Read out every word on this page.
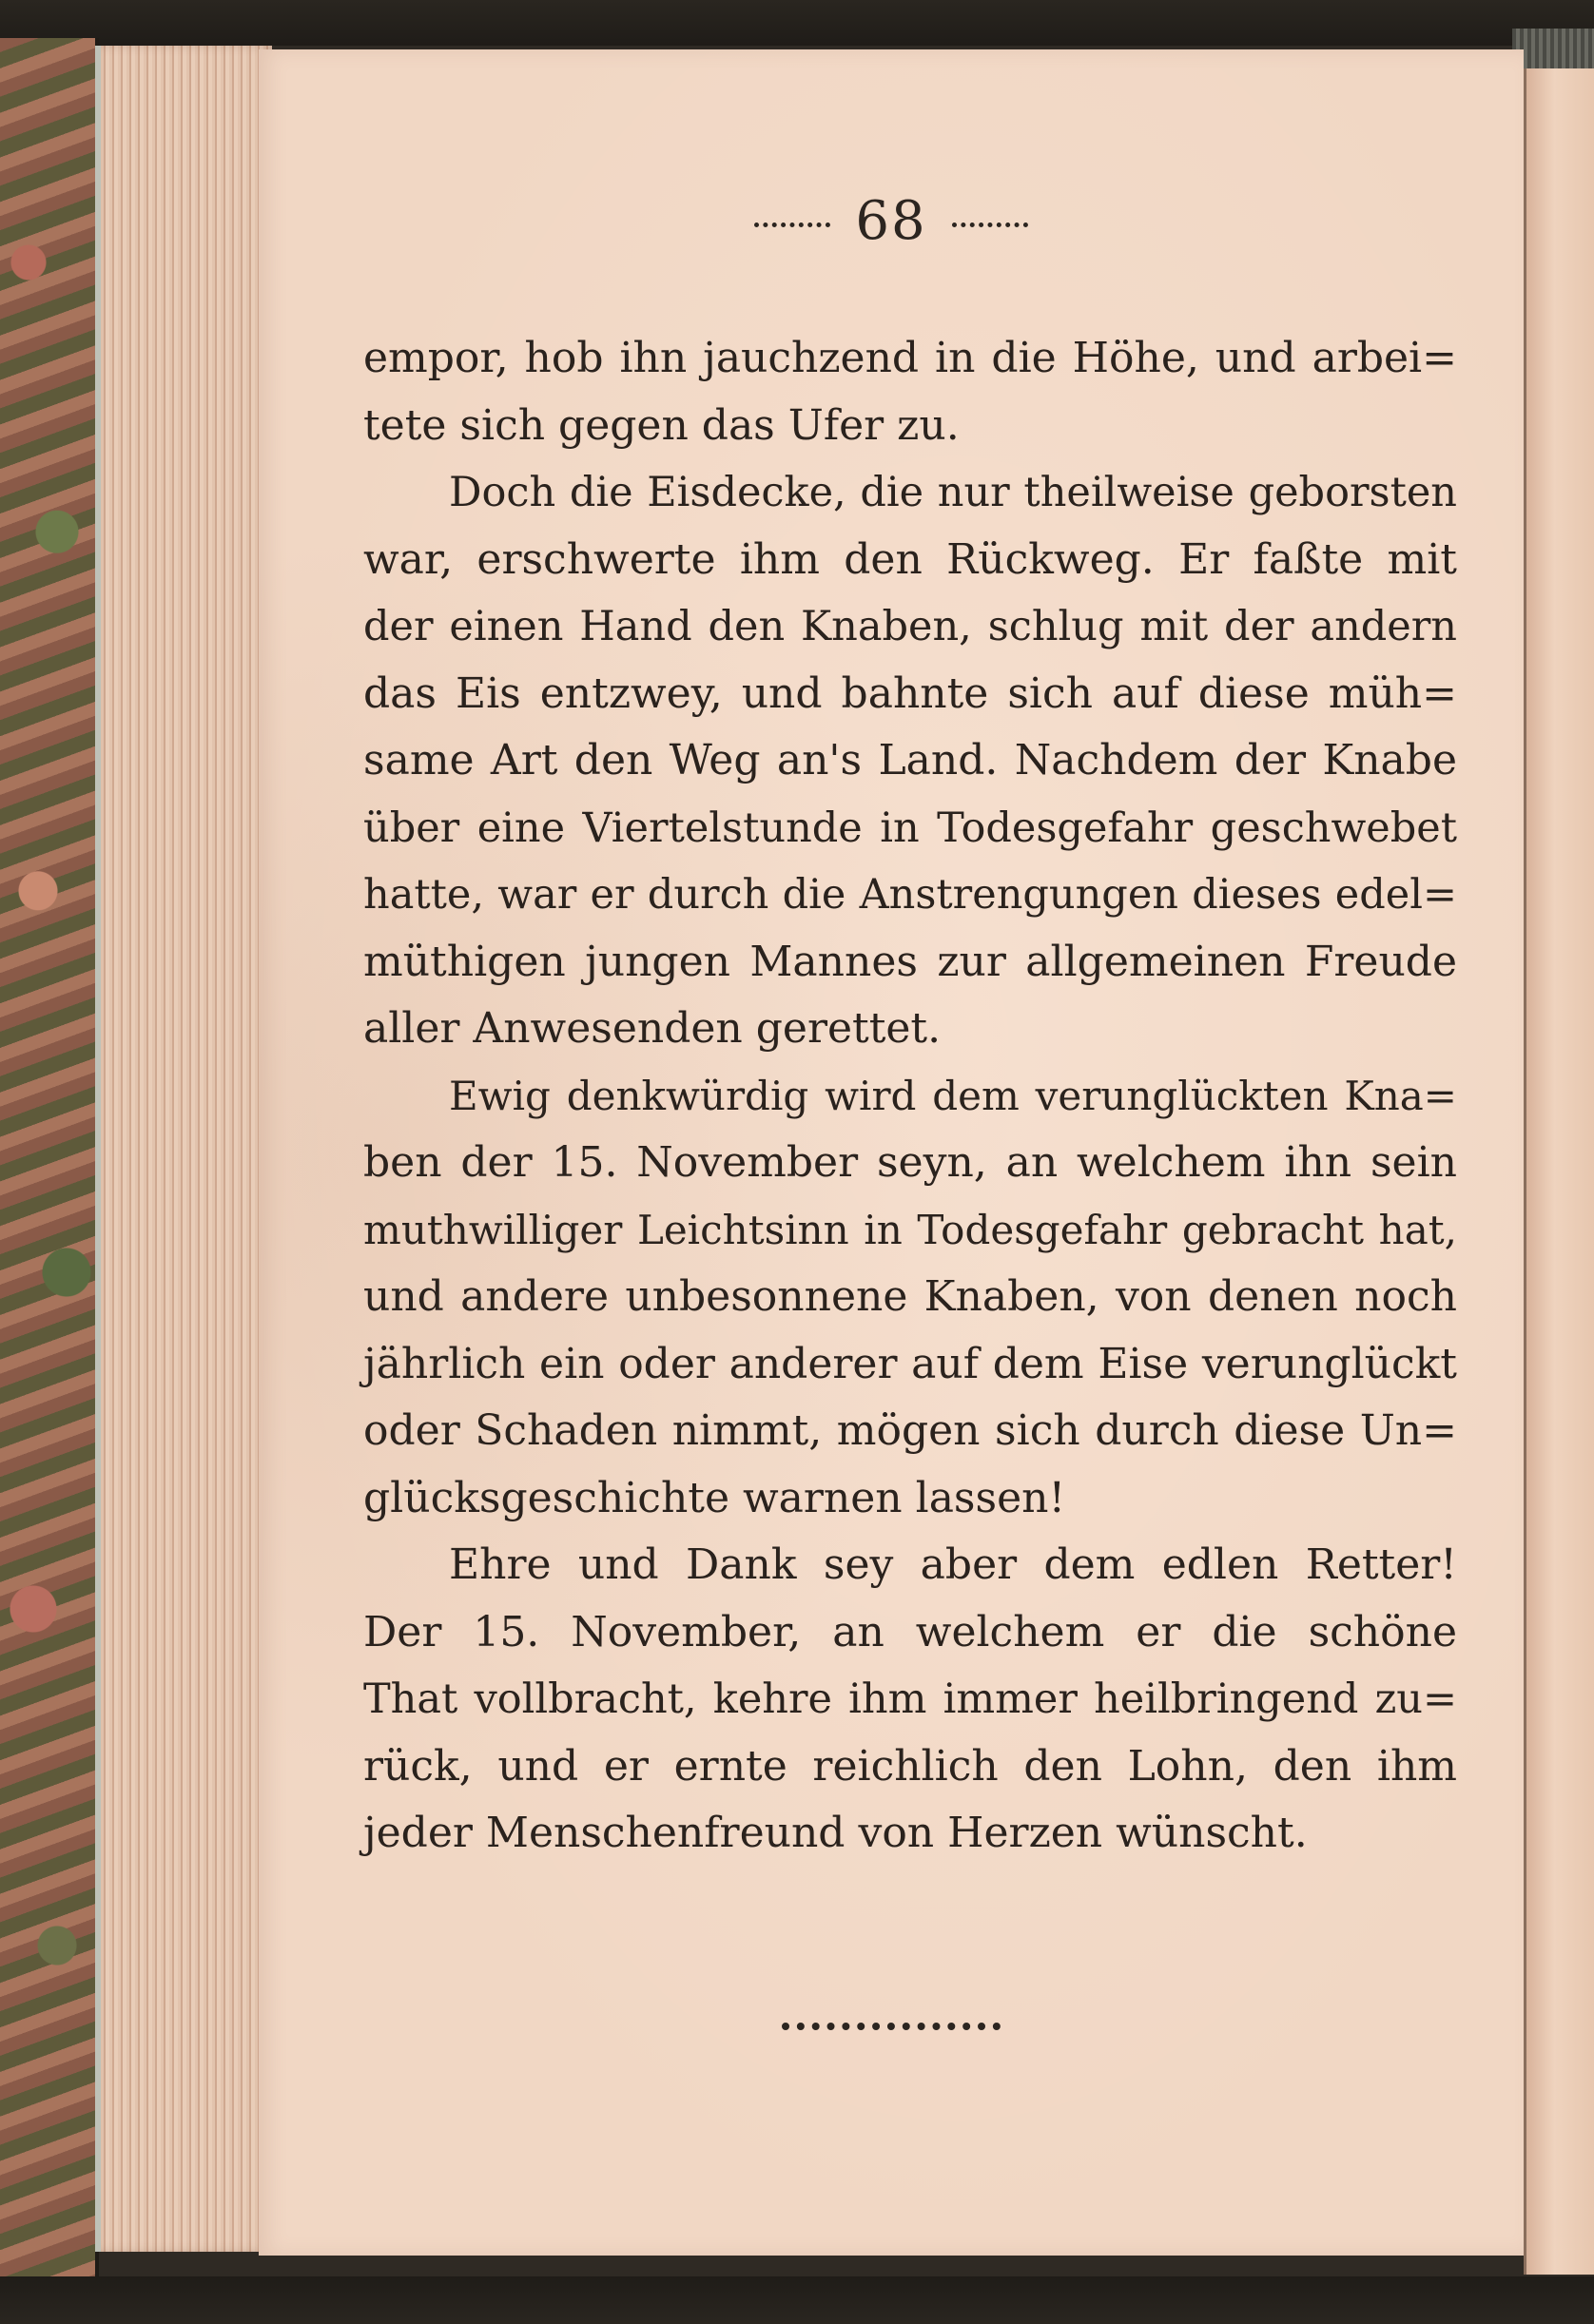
68
empor, hob ihn jauchzend in die Höhe, und arbei=
tete sich gegen das Ufer zu.
Doch die Eisdecke, die nur theilweise geborsten
war, erschwerte ihm den Rückweg. Er faßte mit
der einen Hand den Knaben, schlug mit der andern
das Eis entzwey, und bahnte sich auf diese müh=
same Art den Weg an's Land. Nachdem der Knabe
über eine Viertelstunde in Todesgefahr geschwebet
hatte, war er durch die Anstrengungen dieses edel=
müthigen jungen Mannes zur allgemeinen Freude
aller Anwesenden gerettet.
Ewig denkwürdig wird dem verunglückten Kna=
ben der 15. November seyn, an welchem ihn sein
muthwilliger Leichtsinn in Todesgefahr gebracht hat,
und andere unbesonnene Knaben, von denen noch
jährlich ein oder anderer auf dem Eise verunglückt
oder Schaden nimmt, mögen sich durch diese Un=
glücksgeschichte warnen lassen!
Ehre und Dank sey aber dem edlen Retter!
Der 15. November, an welchem er die schöne
That vollbracht, kehre ihm immer heilbringend zu=
rück, und er ernte reichlich den Lohn, den ihm
jeder Menschenfreund von Herzen wünscht.
